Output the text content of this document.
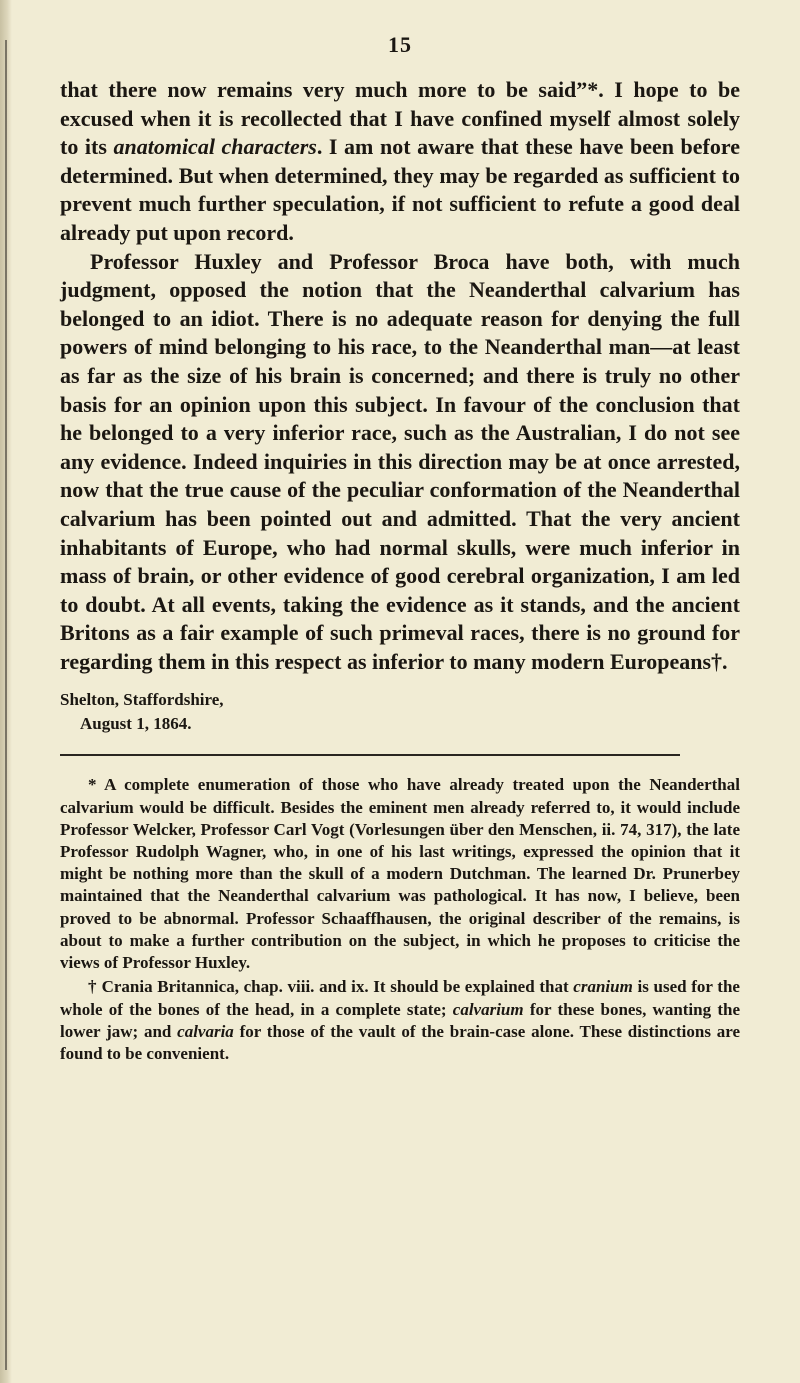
15

that there now remains very much more to be said”*. I hope to be excused when it is recollected that I have confined myself almost solely to its anatomical characters. I am not aware that these have been before determined. But when determined, they may be regarded as sufficient to prevent much further speculation, if not sufficient to refute a good deal already put upon record.

Professor Huxley and Professor Broca have both, with much judgment, opposed the notion that the Neanderthal calvarium has belonged to an idiot. There is no adequate reason for denying the full powers of mind belonging to his race, to the Neanderthal man—at least as far as the size of his brain is concerned; and there is truly no other basis for an opinion upon this subject. In favour of the conclusion that he belonged to a very inferior race, such as the Australian, I do not see any evidence. Indeed inquiries in this direction may be at once arrested, now that the true cause of the peculiar conformation of the Neanderthal calvarium has been pointed out and admitted. That the very ancient inhabitants of Europe, who had normal skulls, were much inferior in mass of brain, or other evidence of good cerebral organization, I am led to doubt. At all events, taking the evidence as it stands, and the ancient Britons as a fair example of such primeval races, there is no ground for regarding them in this respect as inferior to many modern Europeans†.

Shelton, Staffordshire,
August 1, 1864.

* A complete enumeration of those who have already treated upon the Neanderthal calvarium would be difficult. Besides the eminent men already referred to, it would include Professor Welcker, Professor Carl Vogt (Vorlesungen über den Menschen, ii. 74, 317), the late Professor Rudolph Wagner, who, in one of his last writings, expressed the opinion that it might be nothing more than the skull of a modern Dutchman. The learned Dr. Prunerbey maintained that the Neanderthal calvarium was pathological. It has now, I believe, been proved to be abnormal. Professor Schaaffhausen, the original describer of the remains, is about to make a further contribution on the subject, in which he proposes to criticise the views of Professor Huxley.

† Crania Britannica, chap. viii. and ix. It should be explained that cranium is used for the whole of the bones of the head, in a complete state; calvarium for these bones, wanting the lower jaw; and calvaria for those of the vault of the brain-case alone. These distinctions are found to be convenient.
